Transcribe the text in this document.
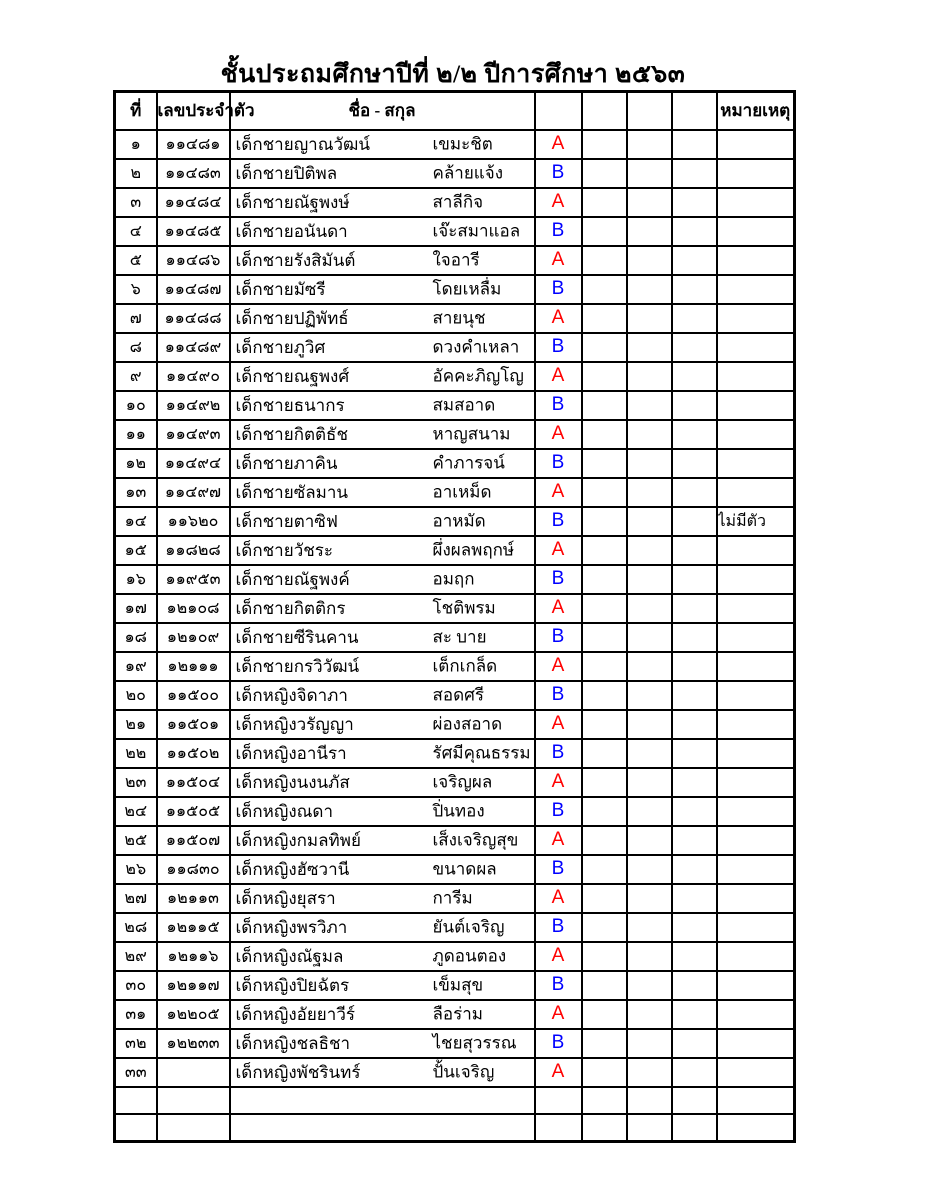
ชั้นประถมศึกษาปีที่ ๒/๒ ปีการศึกษา ๒๕๖๓
ที่	เลขประจำตัว	ชื่อ - สกุล					หมายเหตุ
๑	๑๑๔๘๑	เด็กชายญาณวัฒน์ เขมะชิต	A				
๒	๑๑๔๘๓	เด็กชายปิติพล คล้ายแจ้ง	B				
๓	๑๑๔๘๔	เด็กชายณัฐพงษ์ สาลีกิจ	A				
๔	๑๑๔๘๕	เด็กชายอนันดา เจ๊ะสมาแอล	B				
๕	๑๑๔๘๖	เด็กชายรังสิมันต์ ใจอารี	A				
๖	๑๑๔๘๗	เด็กชายมัซรี โดยเหลื่ม	B				
๗	๑๑๔๘๘	เด็กชายปฏิพัทธ์ สายนุช	A				
๘	๑๑๔๘๙	เด็กชายภูวิศ ดวงคำเหลา	B				
๙	๑๑๔๙๐	เด็กชายณฐพงศ์ อัคคะภิญโญ	A				
๑๐	๑๑๔๙๒	เด็กชายธนากร สมสอาด	B				
๑๑	๑๑๔๙๓	เด็กชายกิตติธัช หาญสนาม	A				
๑๒	๑๑๔๙๔	เด็กชายภาคิน คำภารจน์	B				
๑๓	๑๑๔๙๗	เด็กชายซัลมาน อาเหม็ด	A				
๑๔	๑๑๖๒๐	เด็กชายตาซิฟ อาหมัด	B				ไม่มีตัว
๑๕	๑๑๘๒๘	เด็กชายวัชระ ผึ่งผลพฤกษ์	A				
๑๖	๑๑๙๕๓	เด็กชายณัฐพงค์ อมฤก	B				
๑๗	๑๒๑๐๘	เด็กชายกิตติกร โชติพรม	A				
๑๘	๑๒๑๐๙	เด็กชายซีรินคาน สะ บาย	B				
๑๙	๑๒๑๑๑	เด็กชายกรวิวัฒน์ เต็กเกล็ด	A				
๒๐	๑๑๕๐๐	เด็กหญิงจิดาภา สอดศรี	B				
๒๑	๑๑๕๐๑	เด็กหญิงวรัญญา ผ่องสอาด	A				
๒๒	๑๑๕๐๒	เด็กหญิงอานีรา รัศมีคุณธรรม	B				
๒๓	๑๑๕๐๔	เด็กหญิงนงนภัส เจริญผล	A				
๒๔	๑๑๕๐๕	เด็กหญิงณดา ปิ่นทอง	B				
๒๕	๑๑๕๐๗	เด็กหญิงกมลทิพย์ เส็งเจริญสุข	A				
๒๖	๑๑๘๓๐	เด็กหญิงฮัซวานี ขนาดผล	B				
๒๗	๑๒๑๑๓	เด็กหญิงยุสรา การีม	A				
๒๘	๑๒๑๑๕	เด็กหญิงพรวิภา ยันต์เจริญ	B				
๒๙	๑๒๑๑๖	เด็กหญิงณัฐมล ภูดอนตอง	A				
๓๐	๑๒๑๑๗	เด็กหญิงปิยฉัตร เข็มสุข	B				
๓๑	๑๒๒๐๕	เด็กหญิงอัยยาวีร์ ลือร่าม	A				
๓๒	๑๒๒๓๓	เด็กหญิงชลธิชา ไชยสุวรรณ	B				
๓๓		เด็กหญิงพัชรินทร์ ปั้นเจริญ	A				
